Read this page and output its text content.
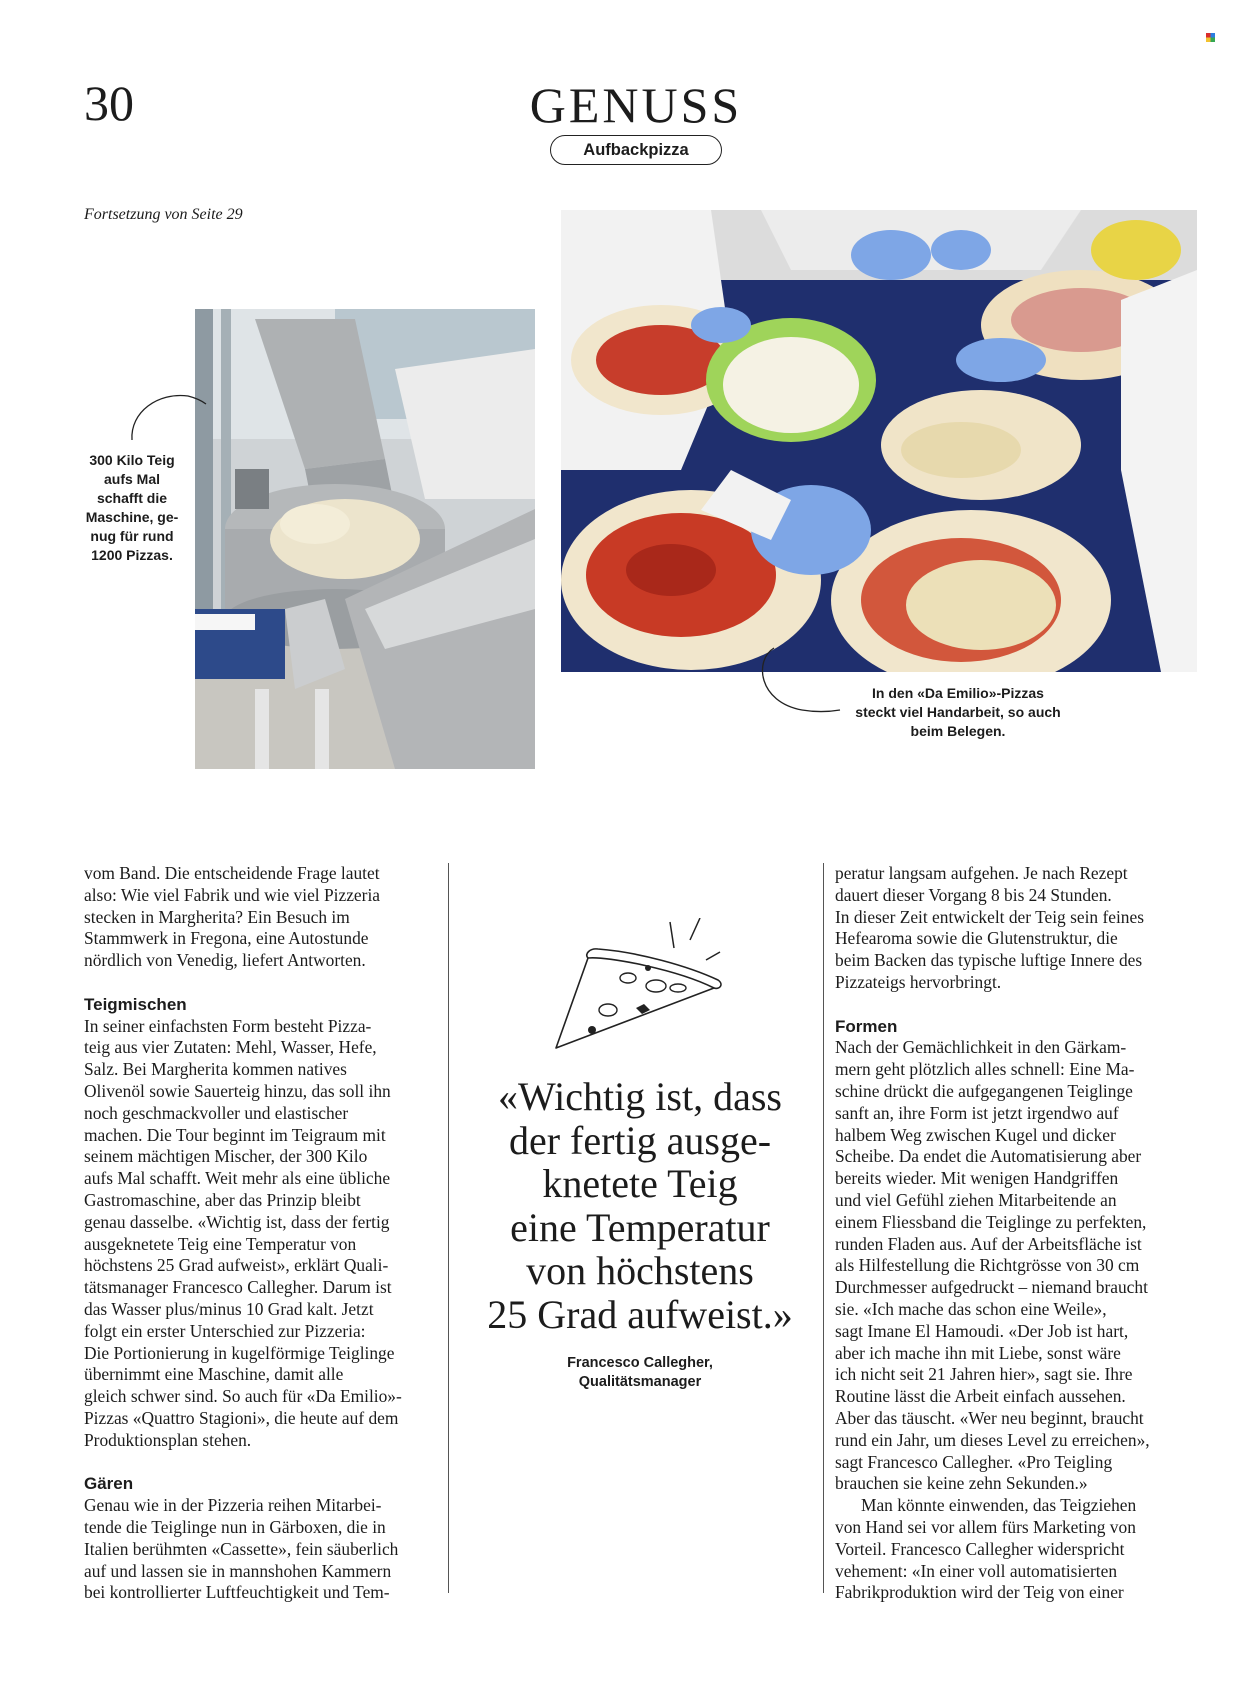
30	GENUSS
Aufbackpizza
Fortsetzung von Seite 29
300 Kilo Teig
aufs Mal
schafft die
Maschine, ge-
nug für rund
1200 Pizzas.
In den «Da Emilio»-Pizzas
steckt viel Handarbeit, so auch
beim Belegen.

vom Band. Die entscheidende Frage lautet

also: Wie viel Fabrik und wie viel Pizzeria

stecken in Margherita? Ein Besuch im

Stammwerk in Fregona, eine Autostunde

nördlich von Venedig, liefert Antworten.

Teigmischen

In seiner einfachsten Form besteht Pizza-

teig aus vier Zutaten: Mehl, Wasser, Hefe,

Salz. Bei Margherita kommen natives

Olivenöl sowie Sauerteig hinzu, das soll ihn

noch geschmackvoller und elastischer

machen. Die Tour beginnt im Teigraum mit

seinem mächtigen Mischer, der 300 Kilo

aufs Mal schafft. Weit mehr als eine übliche

Gastromaschine, aber das Prinzip bleibt

genau dasselbe. «Wichtig ist, dass der fertig

ausgeknetete Teig eine Temperatur von

höchstens 25 Grad aufweist», erklärt Quali-

tätsmanager Francesco Callegher. Darum ist

das Wasser plus/minus 10 Grad kalt. Jetzt

folgt ein erster Unterschied zur Pizzeria:

Die Portionierung in kugelförmige Teiglinge

übernimmt eine Maschine, damit alle

gleich schwer sind. So auch für «Da Emilio»-

Pizzas «Quattro Stagioni», die heute auf dem

Produktionsplan stehen.

Gären

Genau wie in der Pizzeria reihen Mitarbei-

tende die Teiglinge nun in Gärboxen, die in

Italien berühmten «Cassette», fein säuberlich

auf und lassen sie in mannshohen Kammern

bei kontrollierter Luftfeuchtigkeit und Tem-

«Wichtig ist, dass
der fertig ausge-
knetete Teig
eine Temperatur
von höchstens
25 Grad aufweist.»
Francesco Callegher,
Qualitätsmanager

peratur langsam aufgehen. Je nach Rezept

dauert dieser Vorgang 8 bis 24 Stunden.

In dieser Zeit entwickelt der Teig sein feines

Hefearoma sowie die Glutenstruktur, die

beim Backen das typische luftige Innere des

Pizzateigs hervorbringt.

Formen

Nach der Gemächlichkeit in den Gärkam-

mern geht plötzlich alles schnell: Eine Ma-

schine drückt die aufgegangenen Teiglinge

sanft an, ihre Form ist jetzt irgendwo auf

halbem Weg zwischen Kugel und dicker

Scheibe. Da endet die Automatisierung aber

bereits wieder. Mit wenigen Handgriffen

und viel Gefühl ziehen Mitarbeitende an

einem Fliessband die Teiglinge zu perfekten,

runden Fladen aus. Auf der Arbeitsfläche ist

als Hilfestellung die Richtgrösse von 30 cm

Durchmesser aufgedruckt – niemand braucht

sie. «Ich mache das schon eine Weile»,

sagt Imane El Hamoudi. «Der Job ist hart,

aber ich mache ihn mit Liebe, sonst wäre

ich nicht seit 21 Jahren hier», sagt sie. Ihre

Routine lässt die Arbeit einfach aussehen.

Aber das täuscht. «Wer neu beginnt, braucht

rund ein Jahr, um dieses Level zu erreichen»,

sagt Francesco Callegher. «Pro Teigling

brauchen sie keine zehn Sekunden.»

Man könnte einwenden, das Teigziehen

von Hand sei vor allem fürs Marketing von

Vorteil. Francesco Callegher widerspricht

vehement: «In einer voll automatisierten

Fabrikproduktion wird der Teig von einer
